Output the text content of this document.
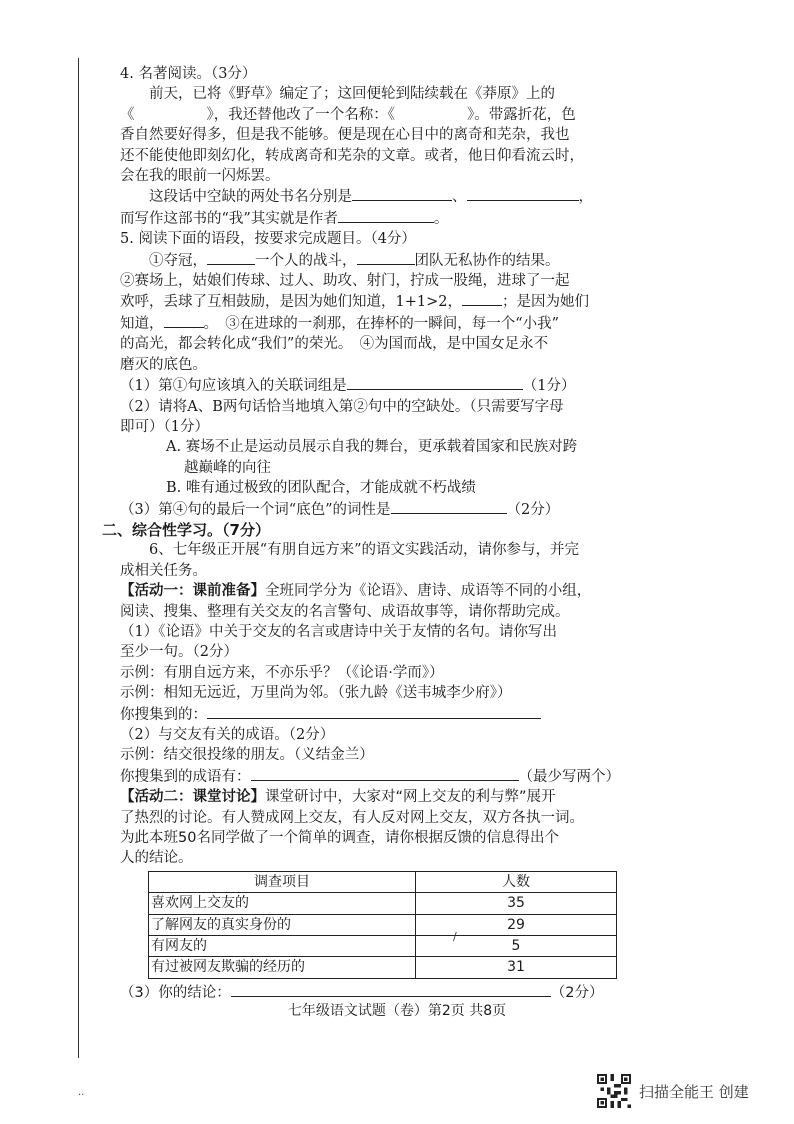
··

4. 名著阅读。（3分）

前天，已将《野草》编定了；这回便轮到陆续载在《莽原》上的

《	》，我还替他改了一个名称：《	》。带露折花，色

香自然要好得多，但是我不能够。便是现在心目中的离奇和芜杂，我也

还不能使他即刻幻化，转成离奇和芜杂的文章。或者，他日仰看流云时，

会在我的眼前一闪烁罢。

这段话中空缺的两处书名分别是	、	，

而写作这部书的“我”其实就是作者	。

5. 阅读下面的语段，按要求完成题目。（4分）

①夺冠，	一个人的战斗，	团队无私协作的结果。

②赛场上，姑娘们传球、过人、助攻、射门，拧成一股绳，进球了一起

欢呼，丢球了互相鼓励，是因为她们知道，1+1>2，	；是因为她们

知道，	。　③在进球的一刹那，在捧杯的一瞬间，每一个“小我”

的高光，都会转化成“我们”的荣光。　④为国而战，是中国女足永不

磨灭的底色。

（1）第①句应该填入的关联词组是	（1分）

（2）请将A、B两句话恰当地填入第②句中的空缺处。（只需要写字母

即可）（1分）

A. 赛场不止是运动员展示自我的舞台，更承载着国家和民族对跨

越巅峰的向往

B. 唯有通过极致的团队配合，才能成就不朽战绩

（3）第④句的最后一个词“底色”的词性是	（2分）

二、综合性学习。（7分）

6、七年级正开展“有朋自远方来”的语文实践活动，请你参与，并完

成相关任务。

【活动一：课前准备】全班同学分为《论语》、唐诗、成语等不同的小组，

阅读、搜集、整理有关交友的名言警句、成语故事等，请你帮助完成。

（1）《论语》中关于交友的名言或唐诗中关于友情的名句。请你写出

至少一句。（2分）

示例：有朋自远方来，不亦乐乎？（《论语·学而》）

示例：相知无远近，万里尚为邻。（张九龄《送韦城李少府》）

你搜集到的：

（2）与交友有关的成语。（2分）

示例：结交很投缘的朋友。（义结金兰）

你搜集到的成语有：	（最少写两个）

【活动二：课堂讨论】课堂研讨中，大家对“网上交友的利与弊”展开

了热烈的讨论。有人赞成网上交友，有人反对网上交友，双方各执一词。

为此本班50名同学做了一个简单的调查，请你根据反馈的信息得出个

人的结论。

调查项目	人数
喜欢网上交友的	35
了解网友的真实身份的	29
有网友的	5
有过被网友欺骗的经历的	31

（3）你的结论：	（2分）

/
七年级语文试题（卷）第2页 共8页
扫描全能王 创建
